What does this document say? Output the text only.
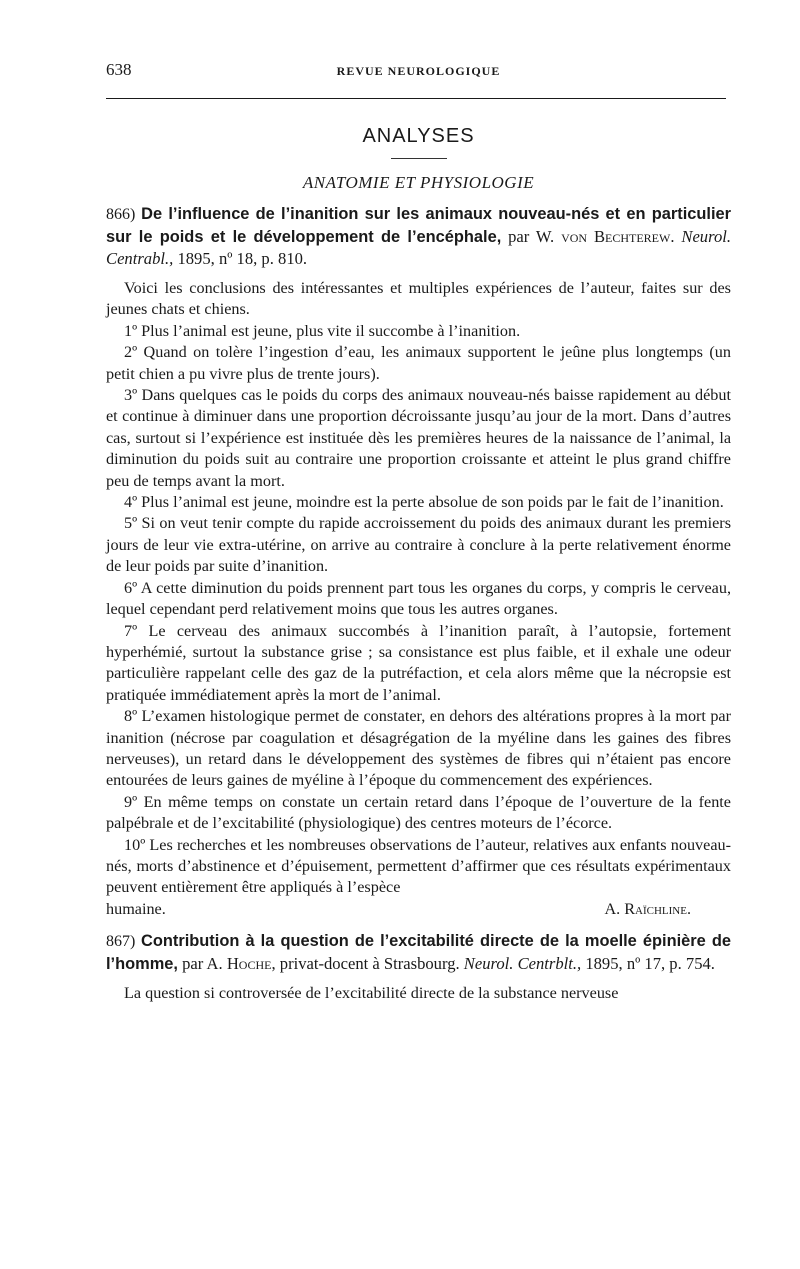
638	REVUE NEUROLOGIQUE
ANALYSES
ANATOMIE ET PHYSIOLOGIE
866) De l’influence de l’inanition sur les animaux nouveau-nés et en particulier sur le poids et le développement de l’encéphale, par W. von Bechterew. Neurol. Centrabl., 1895, nº 18, p. 810.

Voici les conclusions des intéressantes et multiples expériences de l’auteur, faites sur des jeunes chats et chiens.

1º Plus l’animal est jeune, plus vite il succombe à l’inanition.

2º Quand on tolère l’ingestion d’eau, les animaux supportent le jeûne plus longtemps (un petit chien a pu vivre plus de trente jours).

3º Dans quelques cas le poids du corps des animaux nouveau-nés baisse rapidement au début et continue à diminuer dans une proportion décroissante jusqu’au jour de la mort. Dans d’autres cas, surtout si l’expérience est instituée dès les premières heures de la naissance de l’animal, la diminution du poids suit au contraire une proportion croissante et atteint le plus grand chiffre peu de temps avant la mort.

4º Plus l’animal est jeune, moindre est la perte absolue de son poids par le fait de l’inanition.

5º Si on veut tenir compte du rapide accroissement du poids des animaux durant les premiers jours de leur vie extra-utérine, on arrive au contraire à conclure à la perte relativement énorme de leur poids par suite d’inanition.

6º A cette diminution du poids prennent part tous les organes du corps, y compris le cerveau, lequel cependant perd relativement moins que tous les autres organes.

7º Le cerveau des animaux succombés à l’inanition paraît, à l’autopsie, fortement hyperhémié, surtout la substance grise ; sa consistance est plus faible, et il exhale une odeur particulière rappelant celle des gaz de la putréfaction, et cela alors même que la nécropsie est pratiquée immédiatement après la mort de l’animal.

8º L’examen histologique permet de constater, en dehors des altérations propres à la mort par inanition (nécrose par coagulation et désagrégation de la myéline dans les gaines des fibres nerveuses), un retard dans le développement des systèmes de fibres qui n’étaient pas encore entourées de leurs gaines de myéline à l’époque du commencement des expériences.

9º En même temps on constate un certain retard dans l’époque de l’ouverture de la fente palpébrale et de l’excitabilité (physiologique) des centres moteurs de l’écorce.

10º Les recherches et les nombreuses observations de l’auteur, relatives aux enfants nouveau-nés, morts d’abstinence et d’épuisement, permettent d’affirmer que ces résultats expérimentaux peuvent entièrement être appliqués à l’espèce

humaine.	A. Raïchline.
867) Contribution à la question de l’excitabilité directe de la moelle épinière de l’homme, par A. Hoche, privat-docent à Strasbourg. Neurol. Centrblt., 1895, nº 17, p. 754.

La question si controversée de l’excitabilité directe de la substance nerveuse
